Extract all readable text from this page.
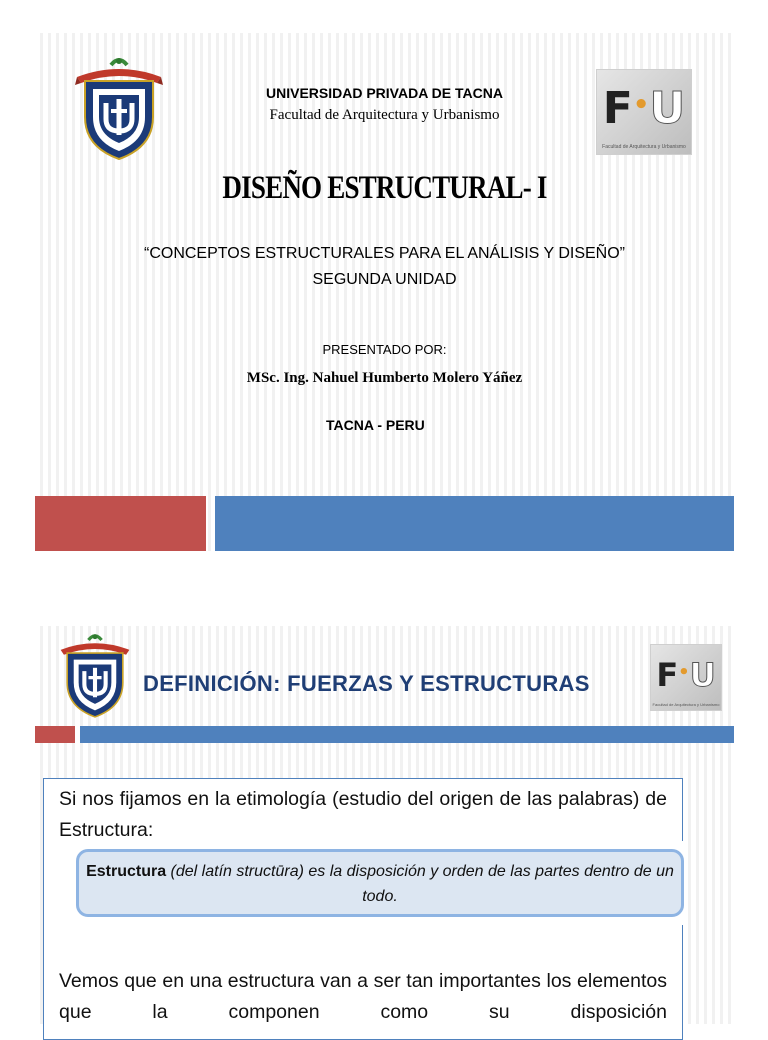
F•U
Facultad de Arquitectura y Urbanismo
UNIVERSIDAD PRIVADA DE TACNA
Facultad de Arquitectura y Urbanismo
DISEÑO ESTRUCTURAL- I
“CONCEPTOS ESTRUCTURALES PARA EL ANÁLISIS Y DISEÑO”
SEGUNDA UNIDAD
PRESENTADO POR:
MSc. Ing. Nahuel Humberto Molero Yáñez
TACNA - PERU
F•U
Facultad de Arquitectura y Urbanismo
DEFINICIÓN: FUERZAS Y ESTRUCTURAS
Si nos fijamos en la etimología (estudio del origen de las palabras) de Estructura:
Estructura (del latín structūra) es la disposición y orden de las partes dentro de un todo.
Vemos que en una estructura van a ser tan importantes los elementos que la componen como su disposición
